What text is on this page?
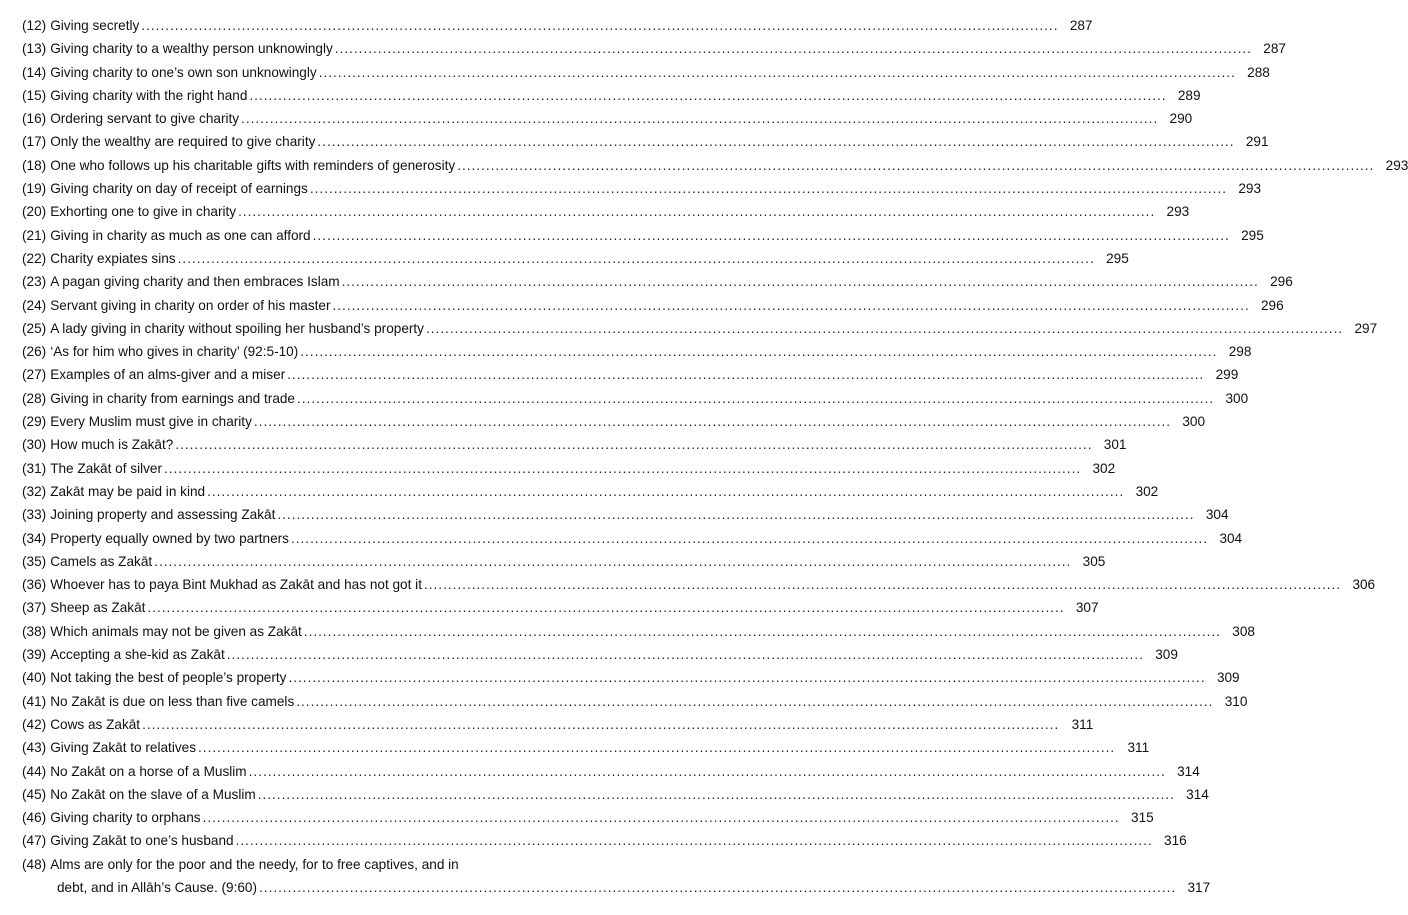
(12) Giving secretly .....	287
(13) Giving charity to a wealthy person unknowingly .....	287
(14) Giving charity to one’s own son unknowingly .....	288
(15) Giving charity with the right hand .....	289
(16) Ordering servant to give charity .....	290
(17) Only the wealthy are required to give charity .....	291
(18) One who follows up his charitable gifts with reminders of generosity .....	293
(19) Giving charity on day of receipt of earnings .....	293
(20) Exhorting one to give in charity .....	293
(21) Giving in charity as much as one can afford .....	295
(22) Charity expiates sins .....	295
(23) A pagan giving charity and then embraces Islam .....	296
(24) Servant giving in charity on order of his master .....	296
(25) A lady giving in charity without spoiling her husband’s property .....	297
(26) ‘As for him who gives in charity’ (92:5-10) .....	298
(27) Examples of an alms-giver and a miser .....	299
(28) Giving in charity from earnings and trade .....	300
(29) Every Muslim must give in charity .....	300
(30) How much is Zakāt? .....	301
(31) The Zakāt of silver .....	302
(32) Zakāt may be paid in kind .....	302
(33) Joining property and assessing Zakāt .....	304
(34) Property equally owned by two partners .....	304
(35) Camels as Zakāt .....	305
(36) Whoever has to paya Bint Mukhad as Zakāt and has not got it .....	306
(37) Sheep as Zakāt .....	307
(38) Which animals may not be given as Zakāt .....	308
(39) Accepting a she-kid as Zakāt .....	309
(40) Not taking the best of people’s property .....	309
(41) No Zakāt is due on less than five camels .....	310
(42) Cows as Zakāt .....	311
(43) Giving Zakāt to relatives .....	311
(44) No Zakāt on a horse of a Muslim .....	314
(45) No Zakāt on the slave of a Muslim .....	314
(46) Giving charity to orphans .....	315
(47) Giving Zakāt to one’s husband .....	316
(48) Alms are only for the poor and the needy, for to free captives, and in
debt, and in Allāh’s Cause. (9:60) .....	317
